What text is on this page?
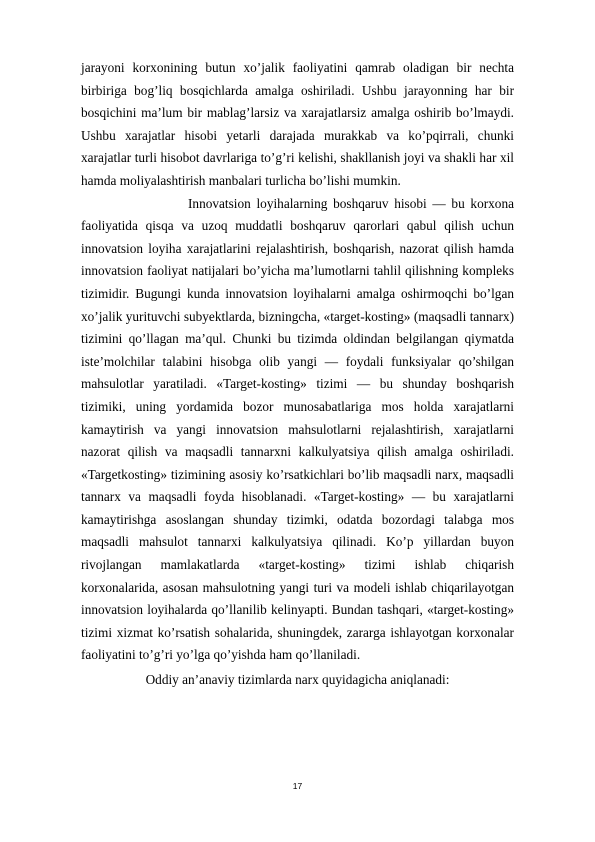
jarayoni korxonining butun xo’jalik faoliyatini qamrab oladigan bir nechta birbiriga bog’liq bosqichlarda amalga oshiriladi. Ushbu jarayonning har bir bosqichini ma’lum bir mablag’larsiz va xarajatlarsiz amalga oshirib bo’lmaydi. Ushbu xarajatlar hisobi yetarli darajada murakkab va ko’pqirrali, chunki xarajatlar turli hisobot davrlariga to’g’ri kelishi, shakllanish joyi va shakli har xil hamda moliyalashtirish manbalari turlicha bo’lishi mumkin.

Innovatsion loyihalarning boshqaruv hisobi — bu korxona faoliyatida qisqa va uzoq muddatli boshqaruv qarorlari qabul qilish uchun innovatsion loyiha xarajatlarini rejalashtirish, boshqarish, nazorat qilish hamda innovatsion faoliyat natijalari bo’yicha ma’lumotlarni tahlil qilishning kompleks tizimidir. Bugungi kunda innovatsion loyihalarni amalga oshirmoqchi bo’lgan xo’jalik yurituvchi subyektlarda, bizningcha, «target-kosting» (maqsadli tannarx) tizimini qo’llagan ma’qul. Chunki bu tizimda oldindan belgilangan qiymatda iste’molchilar talabini hisobga olib yangi — foydali funksiyalar qo’shilgan mahsulotlar yaratiladi. «Target-kosting» tizimi — bu shunday boshqarish tizimiki, uning yordamida bozor munosabatlariga mos holda xarajatlarni kamaytirish va yangi innovatsion mahsulotlarni rejalashtirish, xarajatlarni nazorat qilish va maqsadli tannarxni kalkulyatsiya qilish amalga oshiriladi. «Targetkosting» tizimining asosiy ko’rsatkichlari bo’lib maqsadli narx, maqsadli tannarx va maqsadli foyda hisoblanadi. «Target-kosting» — bu xarajatlarni kamaytirishga asoslangan shunday tizimki, odatda bozordagi talabga mos maqsadli mahsulot tannarxi kalkulyatsiya qilinadi. Ko’p yillardan buyon rivojlangan mamlakatlarda «target-kosting» tizimi ishlab chiqarish korxonalarida, asosan mahsulotning yangi turi va modeli ishlab chiqarilayotgan innovatsion loyihalarda qo’llanilib kelinyapti. Bundan tashqari, «target-kosting» tizimi xizmat ko’rsatish sohalarida, shuningdek, zararga ishlayotgan korxonalar faoliyatini to’g’ri yo’lga qo’yishda ham qo’llaniladi.

Oddiy an’anaviy tizimlarda narx quyidagicha aniqlanadi:

17
